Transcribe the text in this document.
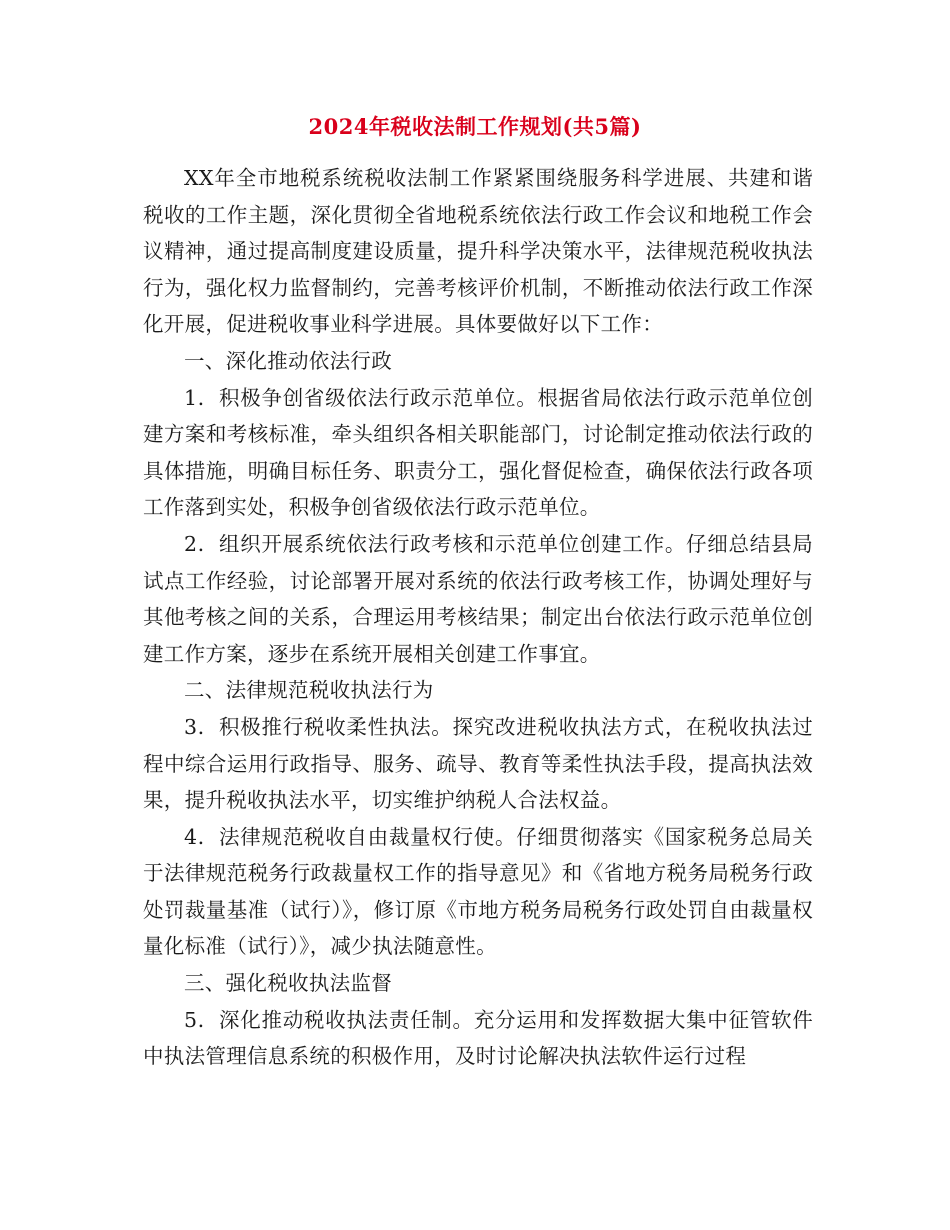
2024年税收法制工作规划(共5篇)

XX年全市地税系统税收法制工作紧紧围绕服务科学进展、共建和谐税收的工作主题，深化贯彻全省地税系统依法行政工作会议和地税工作会议精神，通过提高制度建设质量，提升科学决策水平，法律规范税收执法行为，强化权力监督制约，完善考核评价机制，不断推动依法行政工作深化开展，促进税收事业科学进展。具体要做好以下工作：

一、深化推动依法行政

1．积极争创省级依法行政示范单位。根据省局依法行政示范单位创建方案和考核标准，牵头组织各相关职能部门，讨论制定推动依法行政的具体措施，明确目标任务、职责分工，强化督促检查，确保依法行政各项工作落到实处，积极争创省级依法行政示范单位。

2．组织开展系统依法行政考核和示范单位创建工作。仔细总结县局试点工作经验，讨论部署开展对系统的依法行政考核工作，协调处理好与其他考核之间的关系，合理运用考核结果；制定出台依法行政示范单位创建工作方案，逐步在系统开展相关创建工作事宜。

二、法律规范税收执法行为

3．积极推行税收柔性执法。探究改进税收执法方式，在税收执法过程中综合运用行政指导、服务、疏导、教育等柔性执法手段，提高执法效果，提升税收执法水平，切实维护纳税人合法权益。

4．法律规范税收自由裁量权行使。仔细贯彻落实《国家税务总局关于法律规范税务行政裁量权工作的指导意见》和《省地方税务局税务行政处罚裁量基准（试行）》，修订原《市地方税务局税务行政处罚自由裁量权量化标准（试行）》，减少执法随意性。

三、强化税收执法监督

5．深化推动税收执法责任制。充分运用和发挥数据大集中征管软件中执法管理信息系统的积极作用，及时讨论解决执法软件运行过程
